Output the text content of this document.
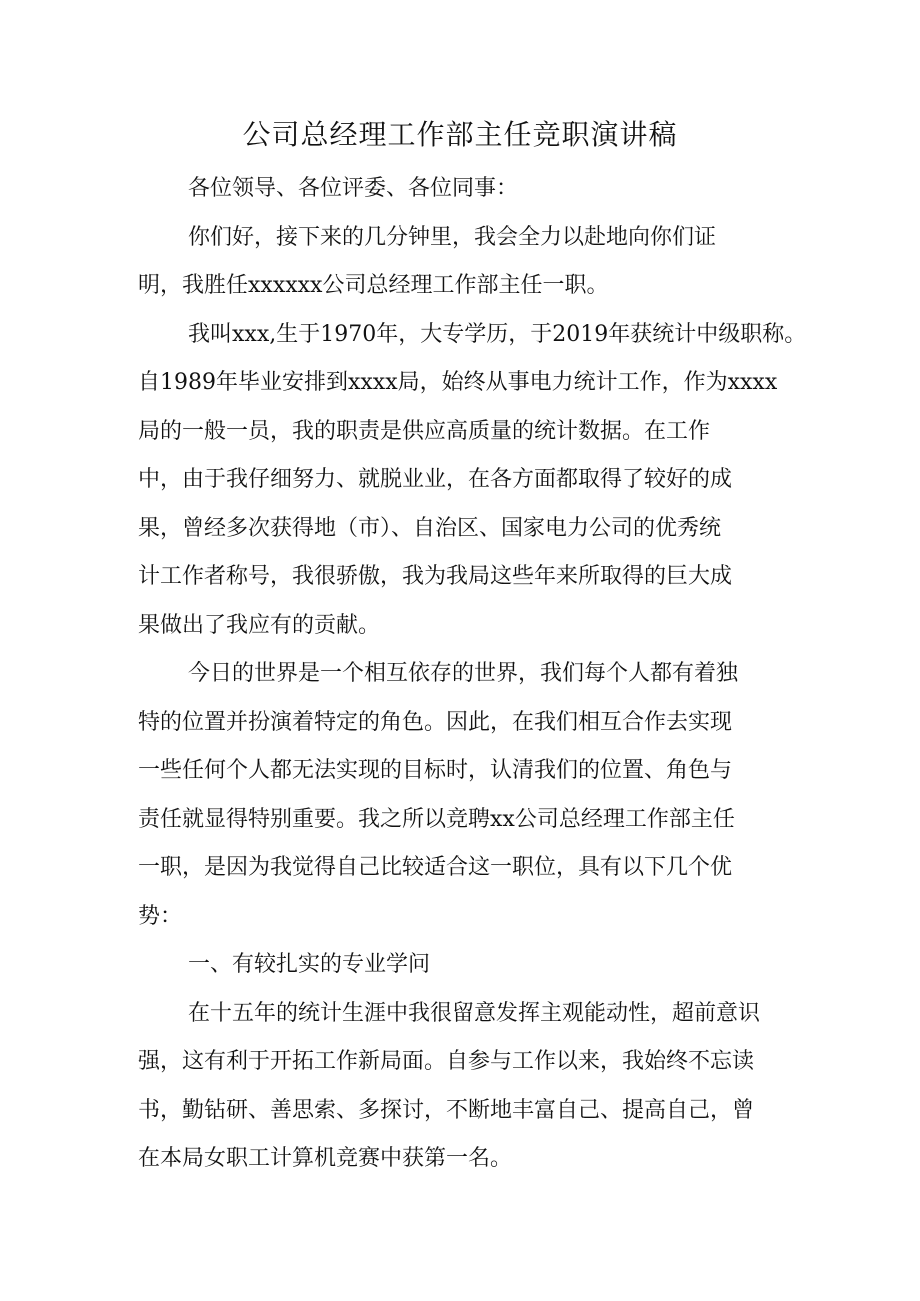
公司总经理工作部主任竞职演讲稿
各位领导、各位评委、各位同事：
你们好，接下来的几分钟里，我会全力以赴地向你们证
明，我胜任xxxxxx公司总经理工作部主任一职。
我叫xxx,生于1970年，大专学历，于2019年获统计中级职称。
自1989年毕业安排到xxxx局，始终从事电力统计工作，作为xxxx
局的一般一员，我的职责是供应高质量的统计数据。在工作
中，由于我仔细努力、就脱业业，在各方面都取得了较好的成
果，曾经多次获得地（市）、自治区、国家电力公司的优秀统
计工作者称号，我很骄傲，我为我局这些年来所取得的巨大成
果做出了我应有的贡献。
今日的世界是一个相互依存的世界，我们每个人都有着独
特的位置并扮演着特定的角色。因此，在我们相互合作去实现
一些任何个人都无法实现的目标时，认清我们的位置、角色与
责任就显得特别重要。我之所以竞聘xx公司总经理工作部主任
一职，是因为我觉得自己比较适合这一职位，具有以下几个优
势：
一、有较扎实的专业学问
在十五年的统计生涯中我很留意发挥主观能动性，超前意识
强，这有利于开拓工作新局面。自参与工作以来，我始终不忘读
书，勤钻研、善思索、多探讨，不断地丰富自己、提高自己，曾
在本局女职工计算机竞赛中获第一名。
